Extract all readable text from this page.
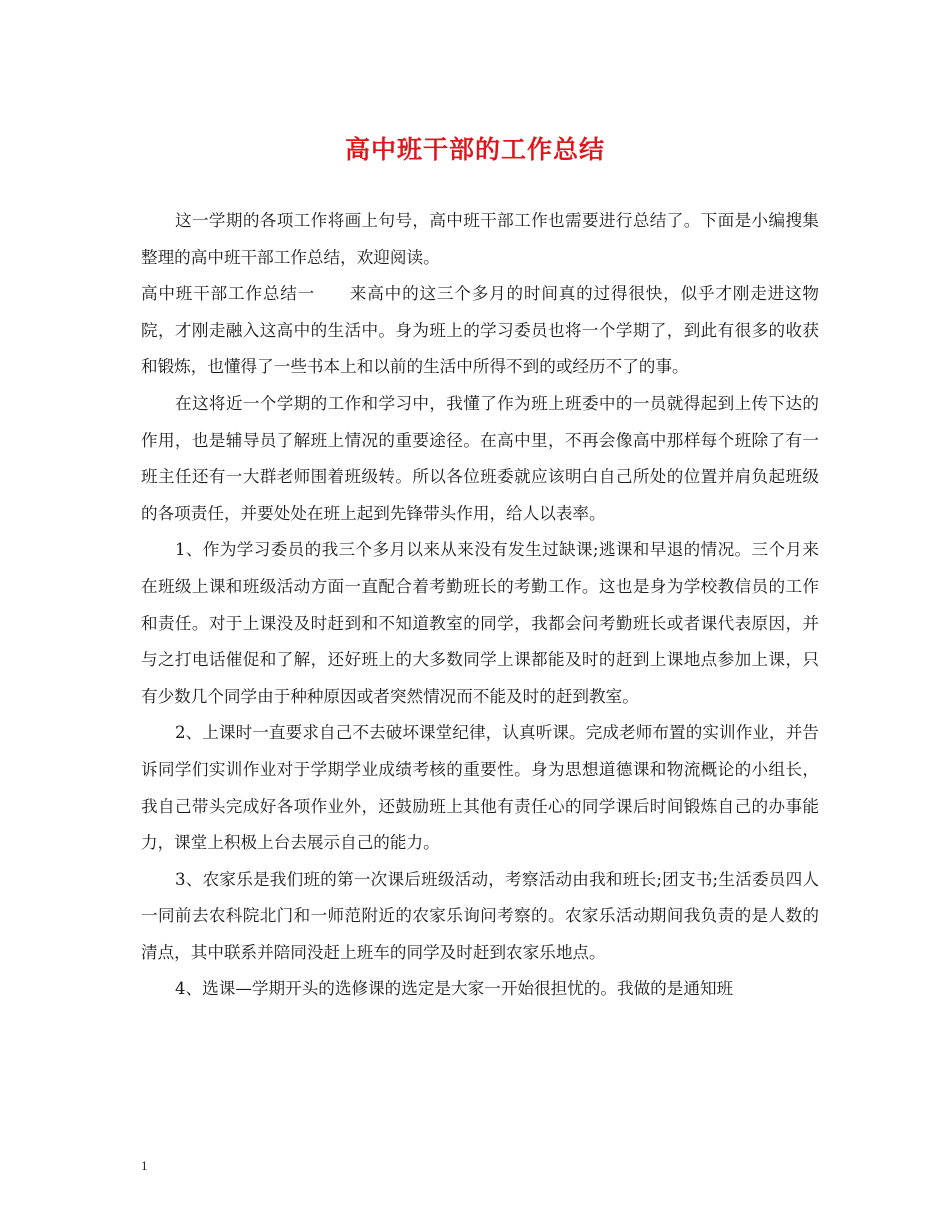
高中班干部的工作总结

这一学期的各项工作将画上句号，高中班干部工作也需要进行总结了。下面是小编搜集整理的高中班干部工作总结，欢迎阅读。

高中班干部工作总结一　　来高中的这三个多月的时间真的过得很快，似乎才刚走进这物院，才刚走融入这高中的生活中。身为班上的学习委员也将一个学期了，到此有很多的收获和锻炼，也懂得了一些书本上和以前的生活中所得不到的或经历不了的事。

在这将近一个学期的工作和学习中，我懂了作为班上班委中的一员就得起到上传下达的作用，也是辅导员了解班上情况的重要途径。在高中里，不再会像高中那样每个班除了有一班主任还有一大群老师围着班级转。所以各位班委就应该明白自己所处的位置并肩负起班级的各项责任，并要处处在班上起到先锋带头作用，给人以表率。

1、作为学习委员的我三个多月以来从来没有发生过缺课;逃课和早退的情况。三个月来 在班级上课和班级活动方面一直配合着考勤班长的考勤工作。这也是身为学校教信员的工作和责任。对于上课没及时赶到和不知道教室的同学，我都会问考勤班长或者课代表原因，并与之打电话催促和了解，还好班上的大多数同学上课都能及时的赶到上课地点参加上课，只有少数几个同学由于种种原因或者突然情况而不能及时的赶到教室。

2、上课时一直要求自己不去破坏课堂纪律，认真听课。完成老师布置的实训作业，并告诉同学们实训作业对于学期学业成绩考核的重要性。身为思想道德课和物流概论的小组长，我自己带头完成好各项作业外，还鼓励班上其他有责任心的同学课后时间锻炼自己的办事能力，课堂上积极上台去展示自己的能力。

3、农家乐是我们班的第一次课后班级活动，考察活动由我和班长;团支书;生活委员四人一同前去农科院北门和一师范附近的农家乐询问考察的。农家乐活动期间我负责的是人数的清点，其中联系并陪同没赶上班车的同学及时赶到农家乐地点。

4、选课—学期开头的选修课的选定是大家一开始很担忧的。我做的是通知班

1
